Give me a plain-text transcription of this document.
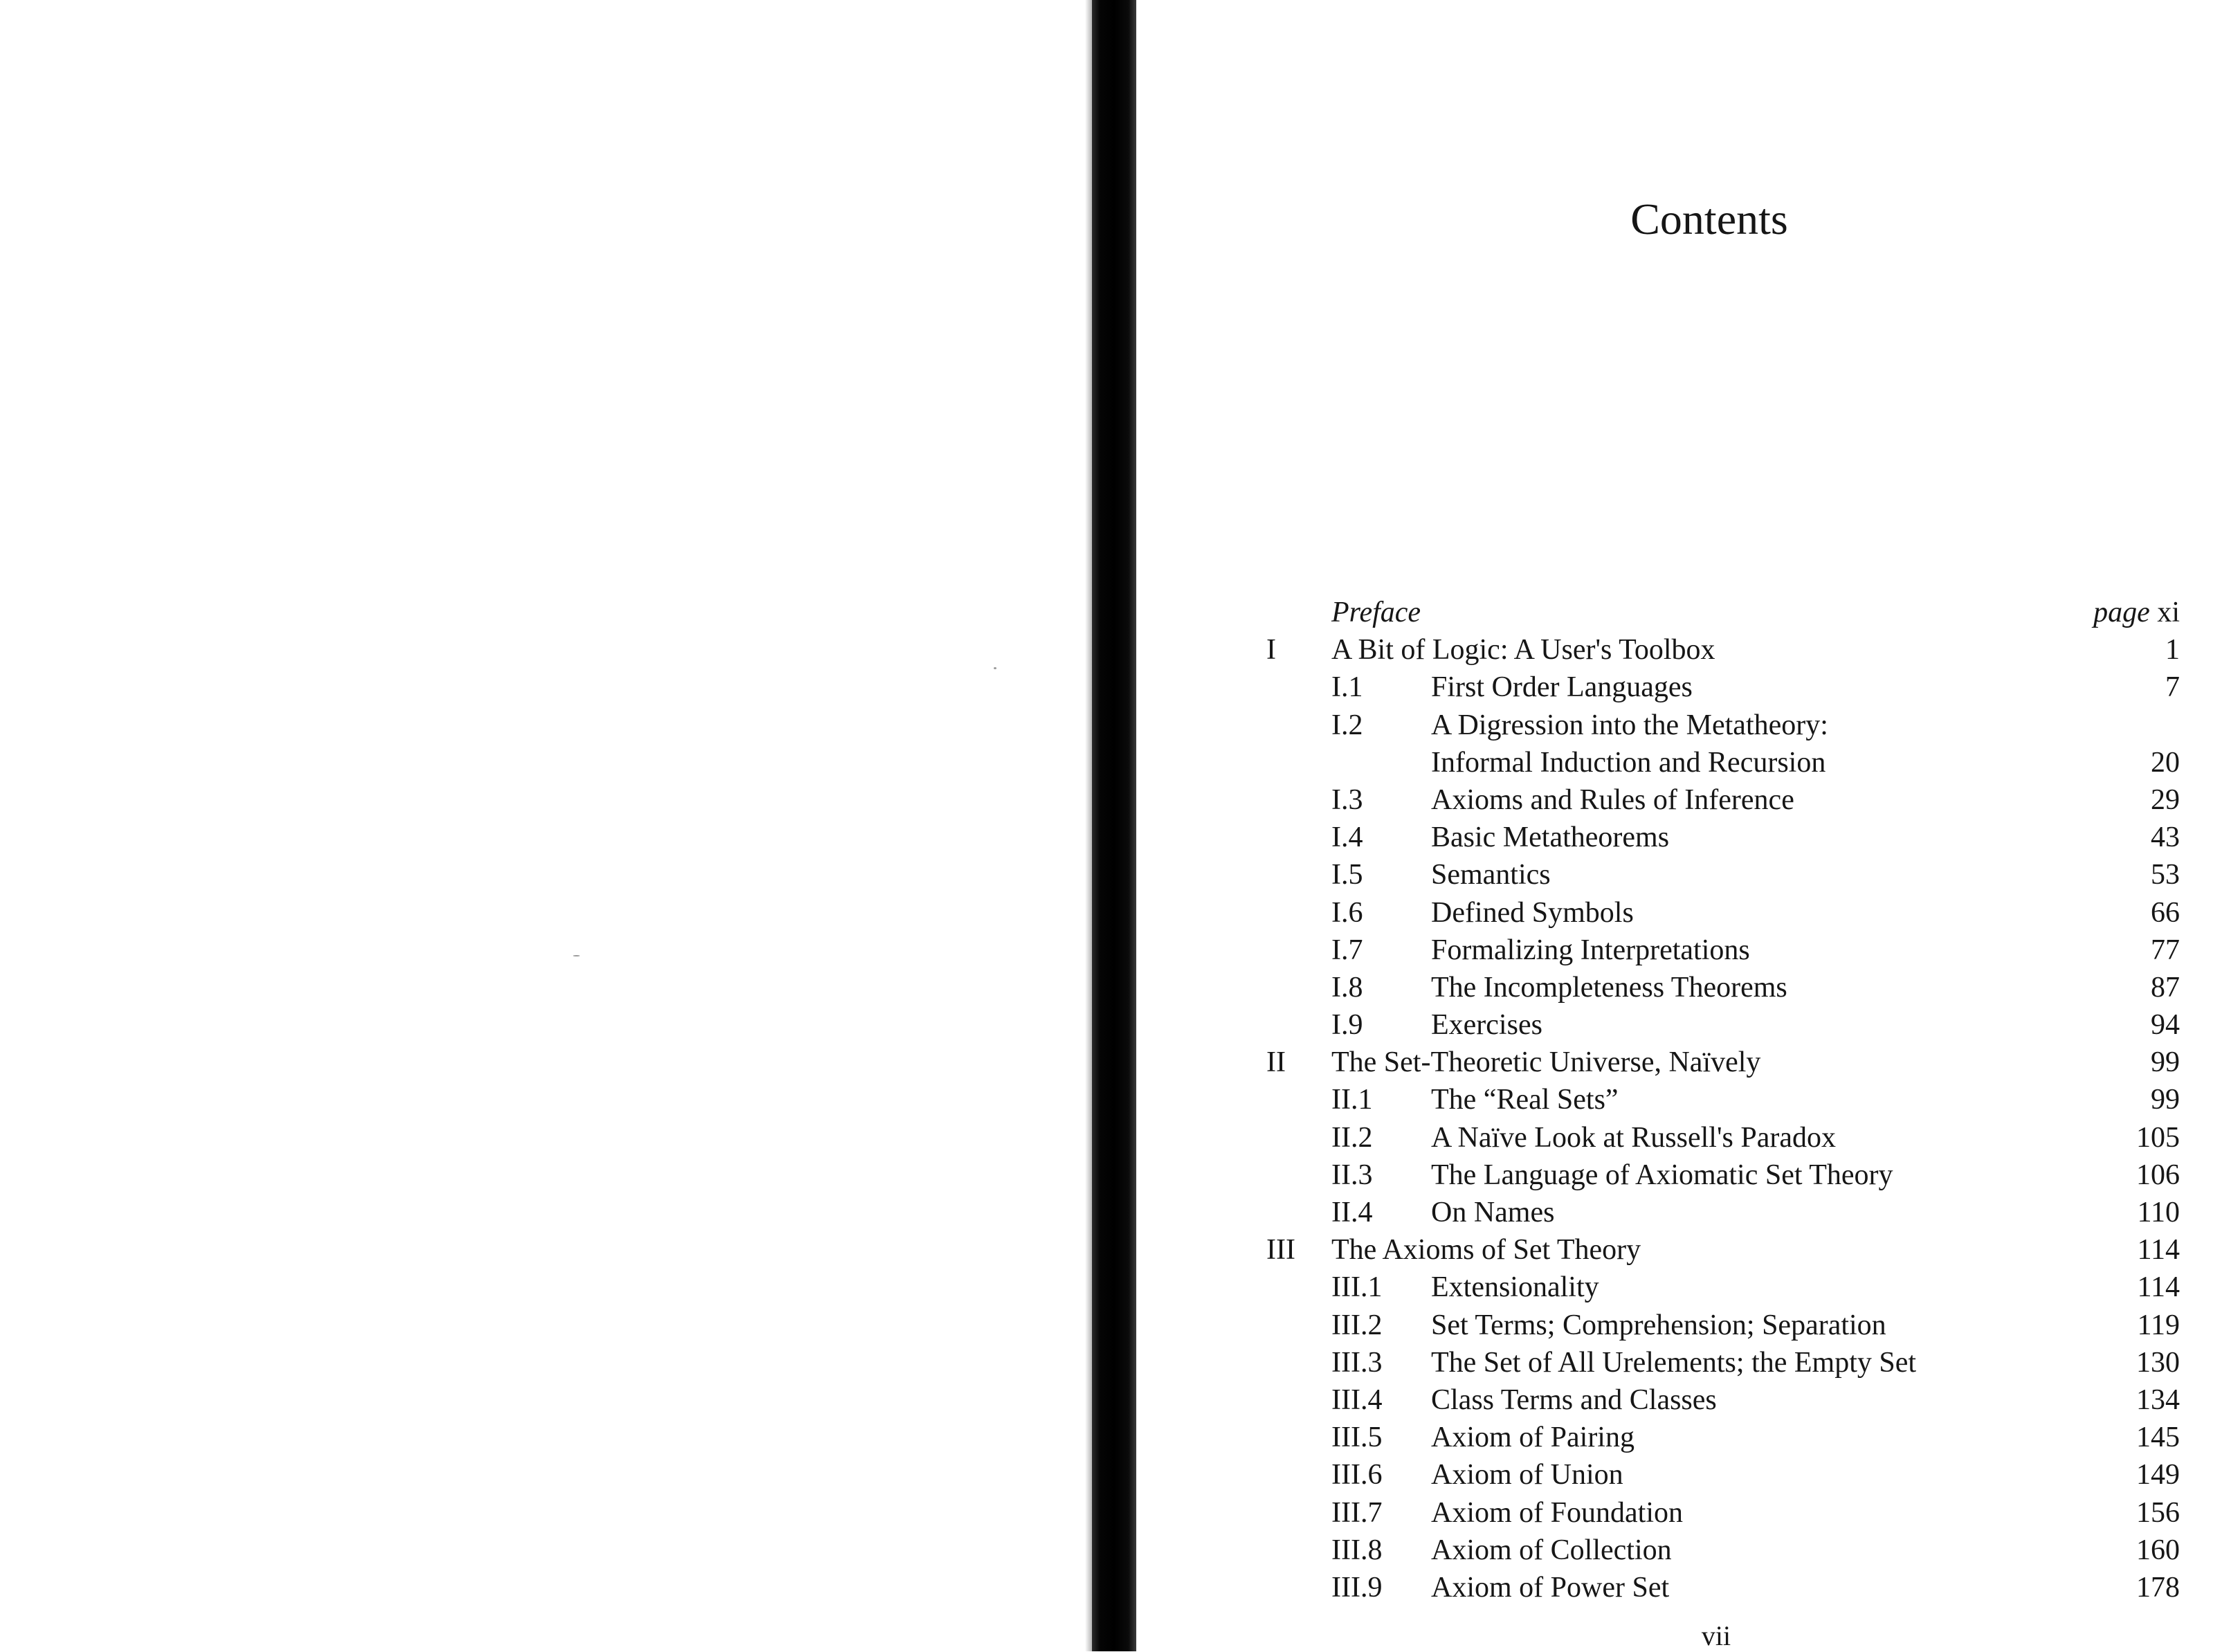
Contents
Preface	page xi
I A Bit of Logic: A User's Toolbox	1
I.1 First Order Languages	7
I.2 A Digression into the Metatheory:
Informal Induction and Recursion	20
I.3 Axioms and Rules of Inference	29
I.4 Basic Metatheorems	43
I.5 Semantics	53
I.6 Defined Symbols	66
I.7 Formalizing Interpretations	77
I.8 The Incompleteness Theorems	87
I.9 Exercises	94
II The Set-Theoretic Universe, Naïvely	99
II.1 The “Real Sets”	99
II.2 A Naïve Look at Russell's Paradox	105
II.3 The Language of Axiomatic Set Theory	106
II.4 On Names	110
III The Axioms of Set Theory	114
III.1 Extensionality	114
III.2 Set Terms; Comprehension; Separation	119
III.3 The Set of All Urelements; the Empty Set	130
III.4 Class Terms and Classes	134
III.5 Axiom of Pairing	145
III.6 Axiom of Union	149
III.7 Axiom of Foundation	156
III.8 Axiom of Collection	160
III.9 Axiom of Power Set	178
vii
